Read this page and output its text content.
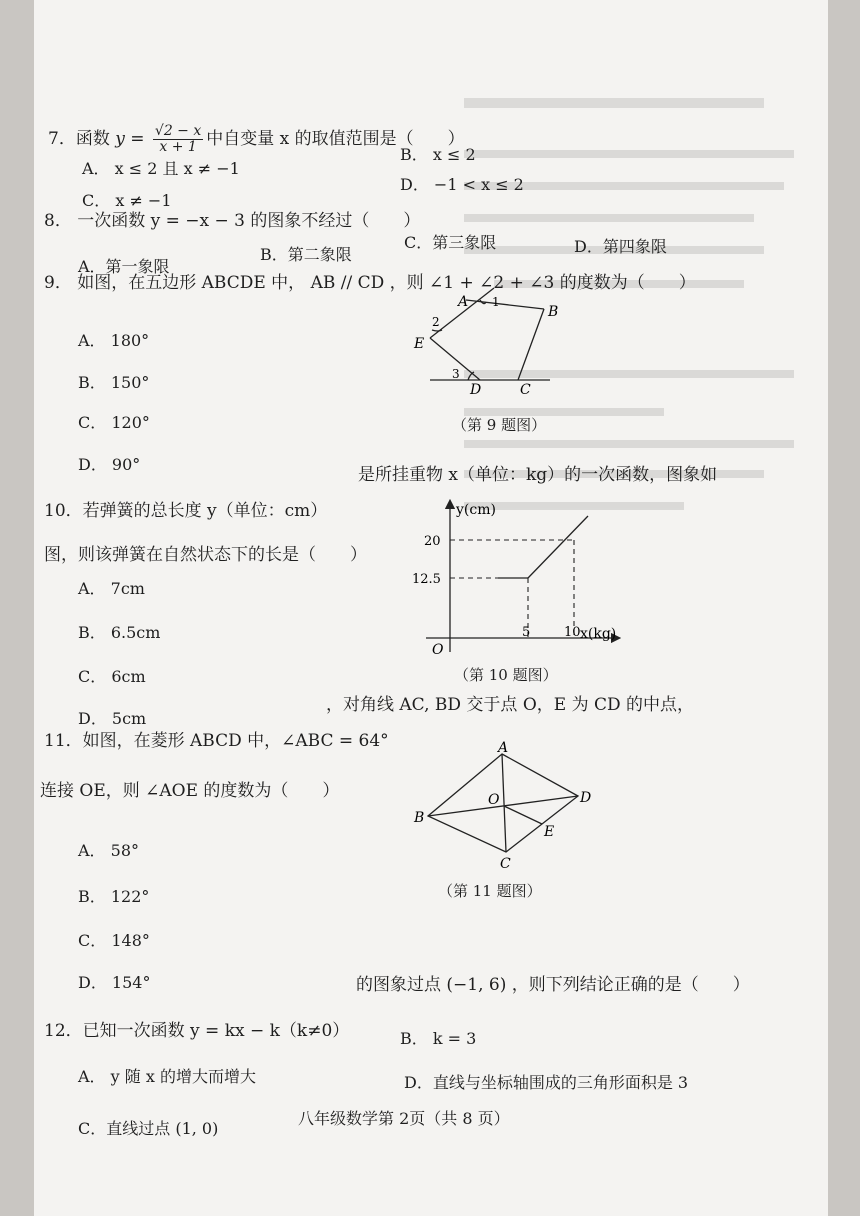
7．函数 $y = \frac{√2 - x}{x + 1}$ 中自变量 x 的取值范围是（　　）
A． x ≤ 2 且 x ≠ −1
B． x ≤ 2
C． x ≠ −1
D． −1 < x ≤ 2
8． 一次函数 y = −x − 3 的图象不经过（　　）
A．第一象限
B．第二象限
C．第三象限	D．第四象限
9． 如图，在五边形 ABCDE 中， AB // CD ，则 ∠1 + ∠2 + ∠3 的度数为（　　）
A． 180°
B． 150°
C． 120°
D． 90°
A
B
C
D
E
1
2
3
（第 9 题图）
是所挂重物 x（单位：kg）的一次函数，图象如
10．若弹簧的总长度 y（单位：cm）
图，则该弹簧在自然状态下的长是（　　）
A． 7cm
B． 6.5cm
C． 6cm
D． 5cm
y(cm)
x(kg)
O
5	10
12.5
20
（第 10 题图）
，对角线 AC, BD 交于点 O，E 为 CD 的中点，
11．如图，在菱形 ABCD 中，∠ABC = 64°
连接 OE，则 ∠AOE 的度数为（　　）
A． 58°
B． 122°
C． 148°
D． 154°
A
B
C
D
O
E
（第 11 题图）
的图象过点 (−1, 6) ，则下列结论正确的是（　　）
12．已知一次函数 y = kx − k（k≠0）
A． y 随 x 的增大而增大
B． k = 3
C．直线过点 (1, 0)
D．直线与坐标轴围成的三角形面积是 3
八年级数学第 2页（共 8 页）
